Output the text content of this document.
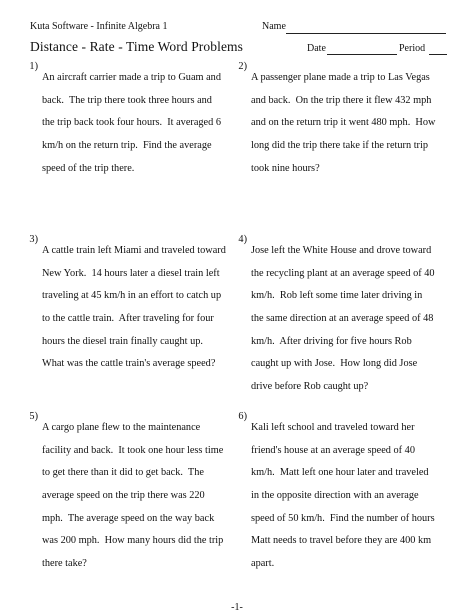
Kuta Software - Infinite Algebra 1	Name
Distance - Rate - Time Word Problems	Date	Period
1)

An aircraft carrier made a trip to Guam and

back.  The trip there took three hours and

the trip back took four hours.  It averaged 6

km/h on the return trip.  Find the average

speed of the trip there.

2)

A passenger plane made a trip to Las Vegas

and back.  On the trip there it flew 432 mph

and on the return trip it went 480 mph.  How

long did the trip there take if the return trip

took nine hours?

3)

A cattle train left Miami and traveled toward

New York.  14 hours later a diesel train left

traveling at 45 km/h in an effort to catch up

to the cattle train.  After traveling for four

hours the diesel train finally caught up.

What was the cattle train's average speed?

4)

Jose left the White House and drove toward

the recycling plant at an average speed of 40

km/h.  Rob left some time later driving in

the same direction at an average speed of 48

km/h.  After driving for five hours Rob

caught up with Jose.  How long did Jose

drive before Rob caught up?

5)

A cargo plane flew to the maintenance

facility and back.  It took one hour less time

to get there than it did to get back.  The

average speed on the trip there was 220

mph.  The average speed on the way back

was 200 mph.  How many hours did the trip

there take?

6)

Kali left school and traveled toward her

friend's house at an average speed of 40

km/h.  Matt left one hour later and traveled

in the opposite direction with an average

speed of 50 km/h.  Find the number of hours

Matt needs to travel before they are 400 km

apart.

-1-
